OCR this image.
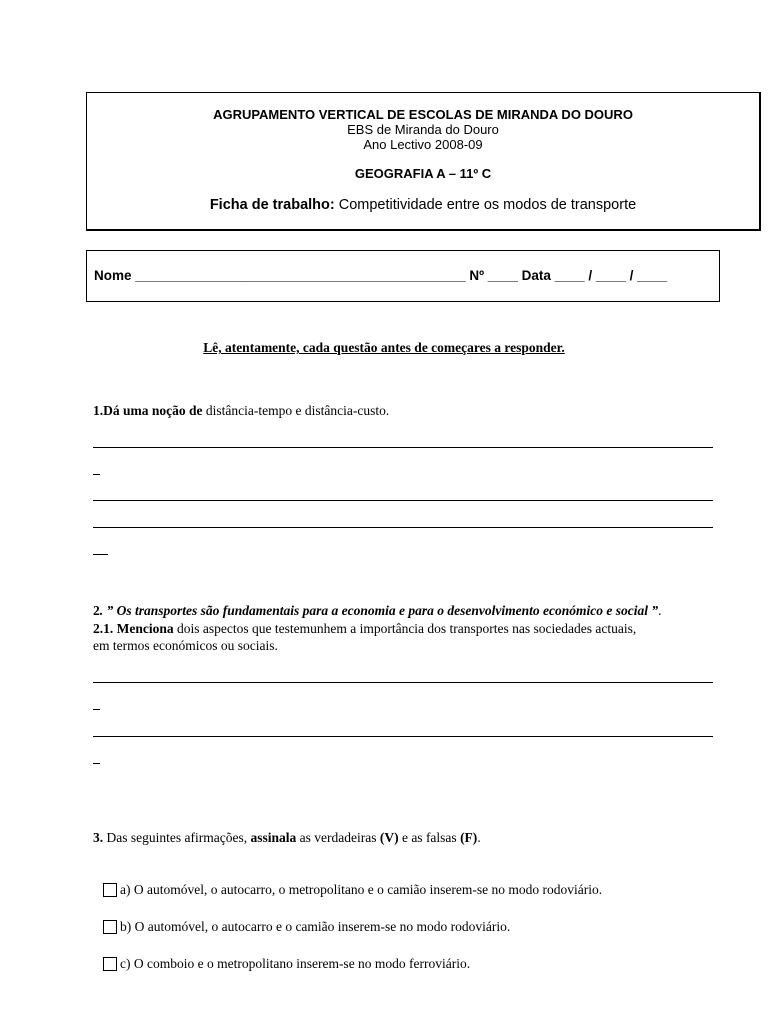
AGRUPAMENTO VERTICAL DE ESCOLAS DE MIRANDA DO DOURO
EBS de Miranda do Douro
Ano Lectivo 2008-09
GEOGRAFIA A – 11º C
Ficha de trabalho: Competitividade entre os modos de transporte
Nome ____________________________________________ Nº ____ Data ____ / ____ / ____
Lê, atentamente, cada questão antes de começares a responder.
1.Dá uma noção de distância-tempo e distância-custo.
2. ” Os transportes são fundamentais para a economia e para o desenvolvimento económico e social ”.
2.1. Menciona dois aspectos que testemunhem a importância dos transportes nas sociedades actuais,
em termos económicos ou sociais.
3. Das seguintes afirmações, assinala as verdadeiras (V) e as falsas (F).
a) O automóvel, o autocarro, o metropolitano e o camião inserem-se no modo rodoviário.
b) O automóvel, o autocarro e o camião inserem-se no modo rodoviário.
c) O comboio e o metropolitano inserem-se no modo ferroviário.
